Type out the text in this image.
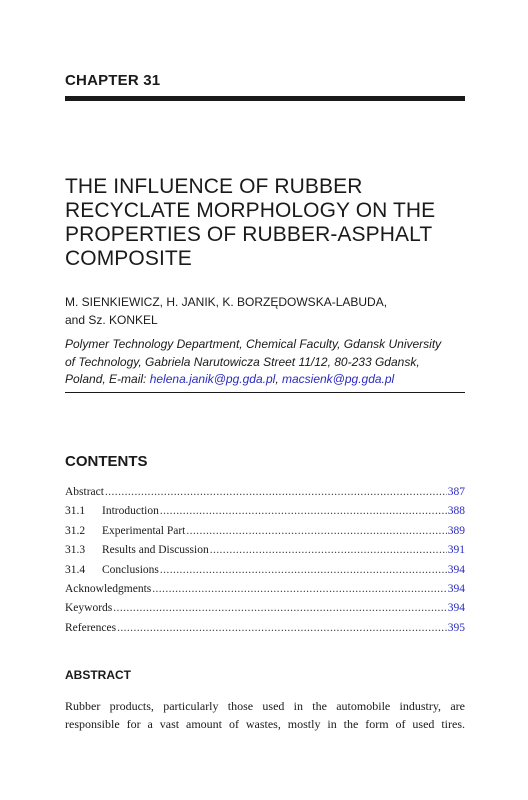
CHAPTER 31
THE INFLUENCE OF RUBBER
RECYCLATE MORPHOLOGY ON THE
PROPERTIES OF RUBBER-ASPHALT
COMPOSITE
M. SIENKIEWICZ, H. JANIK, K. BORZĘDOWSKA-LABUDA,
and Sz. KONKEL
Polymer Technology Department, Chemical Faculty, Gdansk University
of Technology, Gabriela Narutowicza Street 11/12, 80-233 Gdansk,
Poland, E-mail: helena.janik@pg.gda.pl, macsienk@pg.gda.pl
CONTENTS
Abstract .....	387
31.1	Introduction .....	388
31.2	Experimental Part .....	389
31.3	Results and Discussion .....	391
31.4	Conclusions .....	394
Acknowledgments .....	394
Keywords .....	394
References .....	395
ABSTRACT
Rubber products, particularly those used in the automobile industry, are
responsible for a vast amount of wastes, mostly in the form of used tires.
